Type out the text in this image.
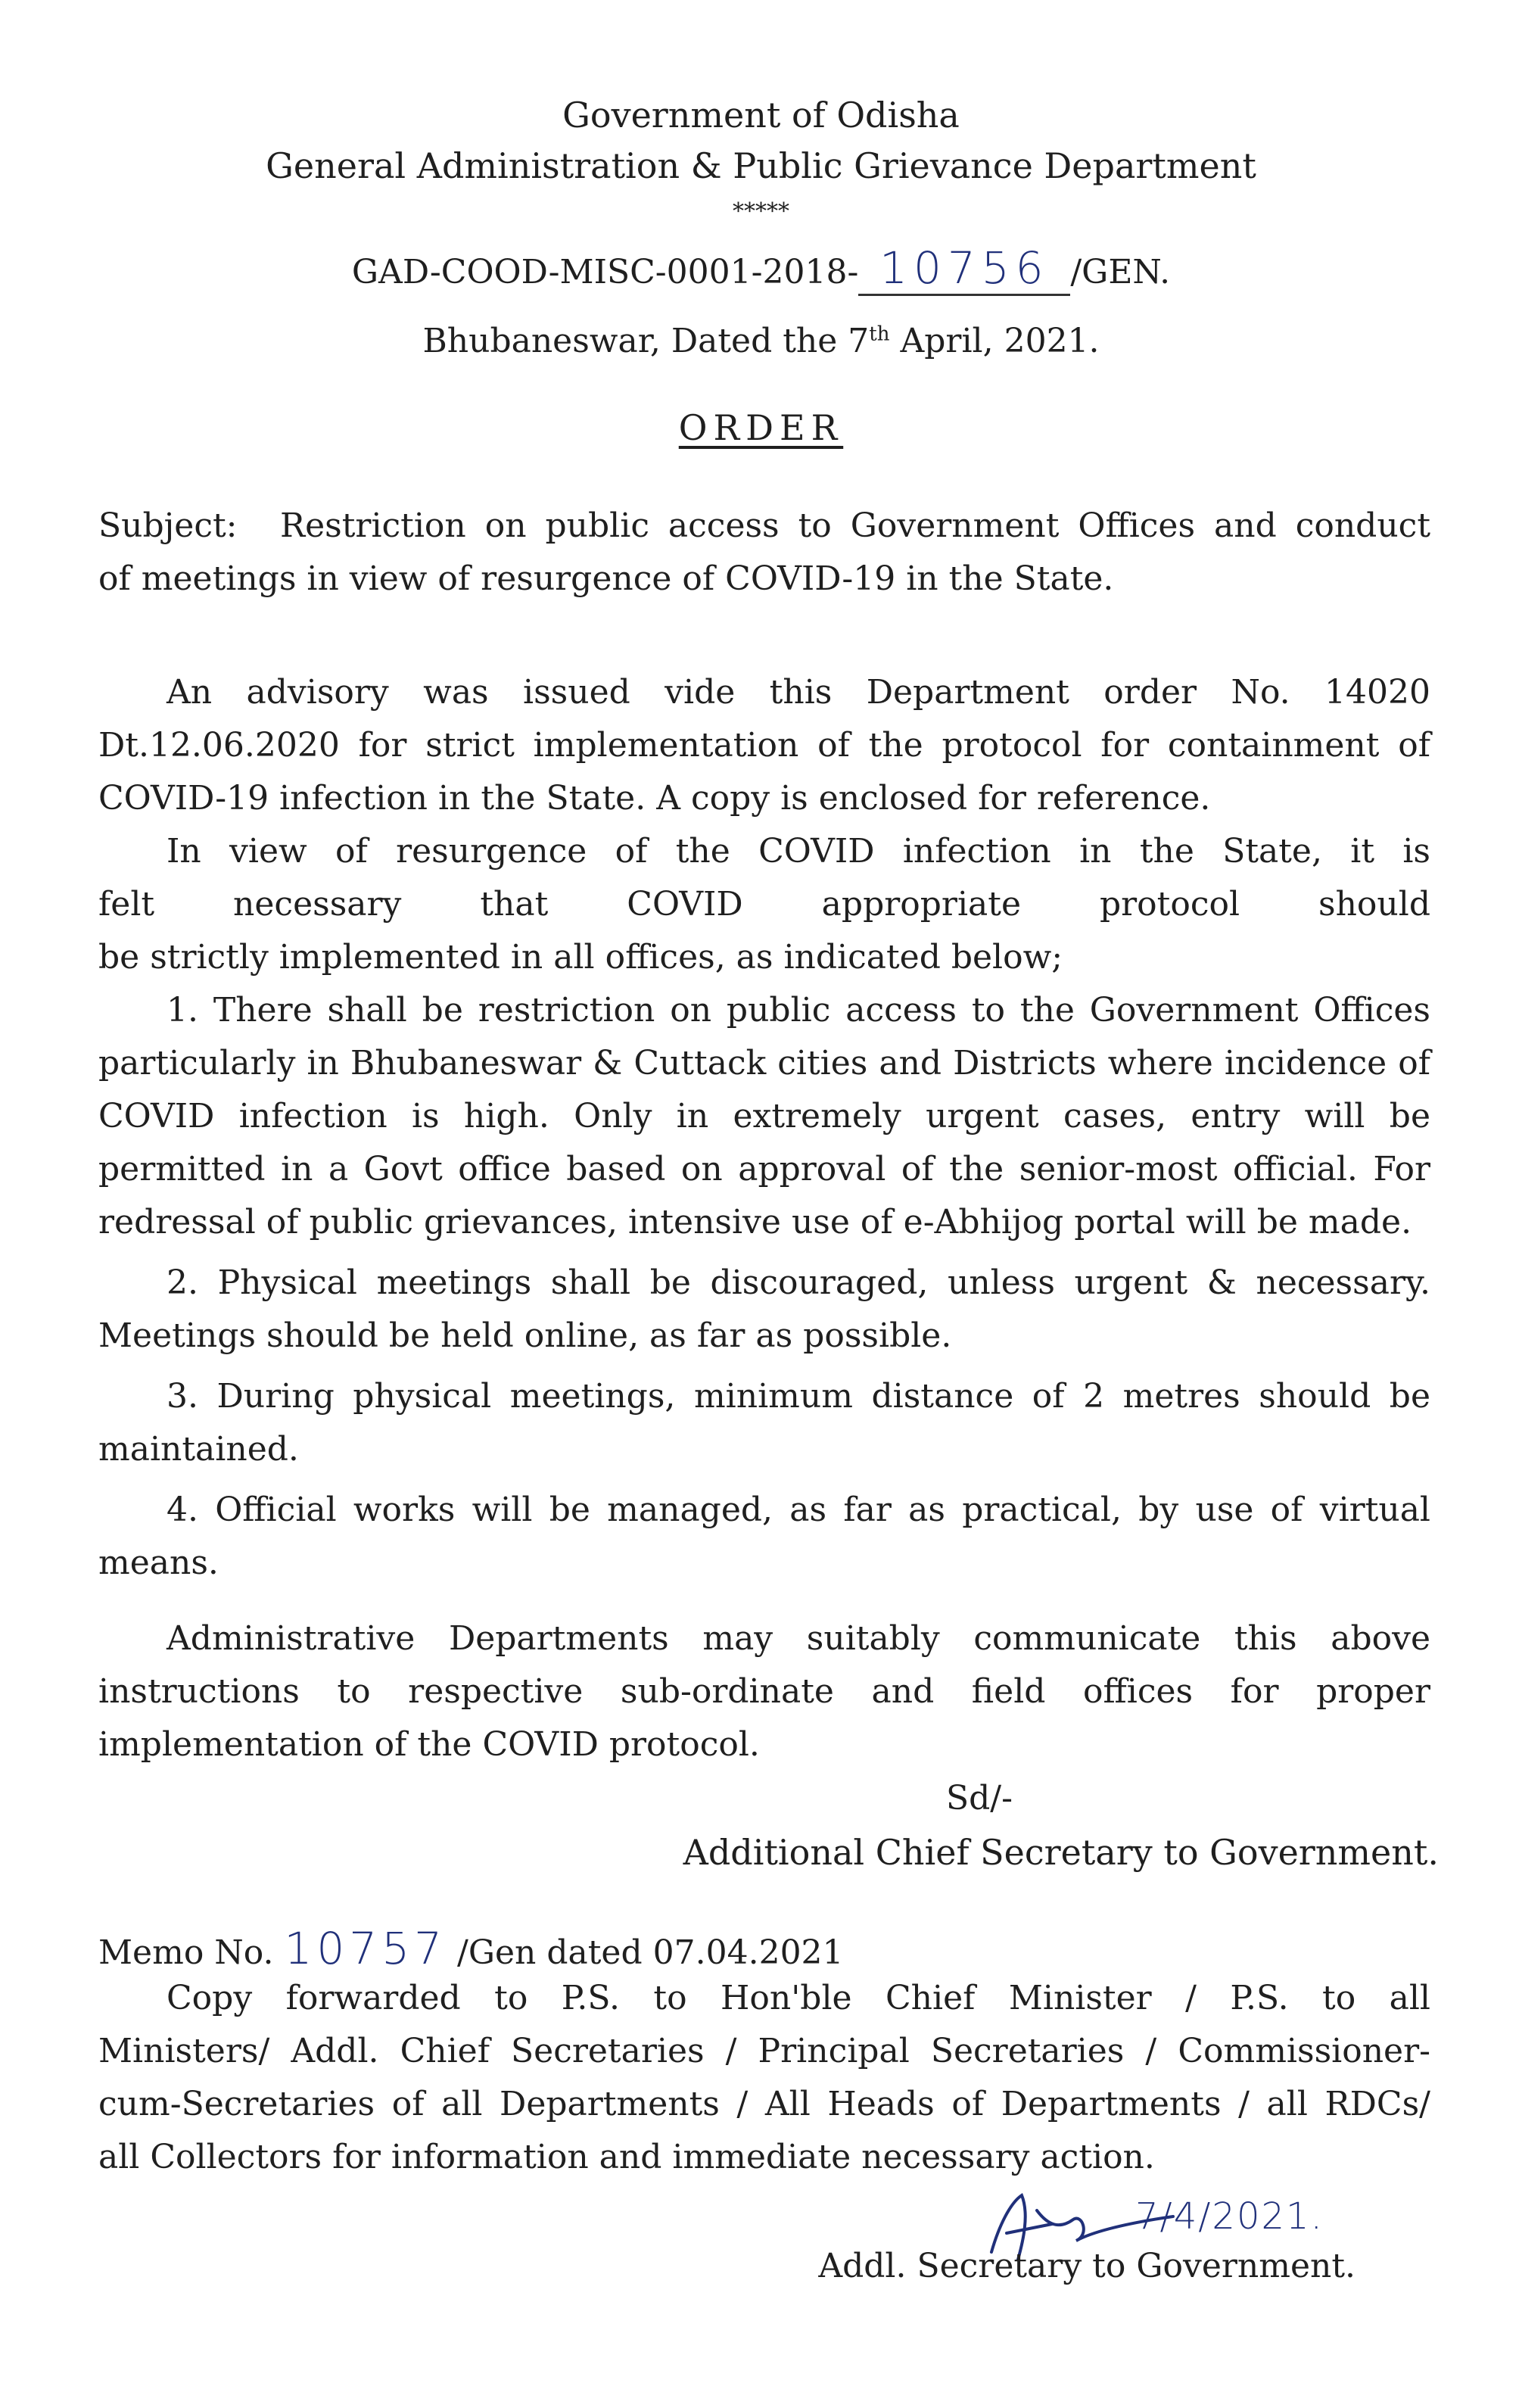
Government of Odisha

General Administration & Public Grievance Department

*****

GAD-COOD-MISC-0001-2018- 10756 /GEN.

Bhubaneswar, Dated the 7th April, 2021.

ORDER

Subject:	Restriction on public access to Government Offices and conduct
of meetings in view of resurgence of COVID-19 in the State.
An advisory was issued vide this Department order No. 14020
Dt.12.06.2020 for strict implementation of the protocol for containment of
COVID-19 infection in the State. A copy is enclosed for reference.
In view of resurgence of the COVID infection in the State, it is
felt necessary that COVID appropriate protocol should
be strictly implemented in all offices, as indicated below;
1. There shall be restriction on public access to the Government Offices
particularly in Bhubaneswar & Cuttack cities and Districts where incidence of
COVID infection is high. Only in extremely urgent cases, entry will be
permitted in a Govt office based on approval of the senior-most official. For
redressal of public grievances, intensive use of e-Abhijog portal will be made.
2. Physical meetings shall be discouraged, unless urgent & necessary.
Meetings should be held online, as far as possible.
3. During physical meetings, minimum distance of 2 metres should be
maintained.
4. Official works will be managed, as far as practical, by use of virtual
means.
Administrative Departments may suitably communicate this above
instructions to respective sub-ordinate and field offices for proper
implementation of the COVID protocol.

Sd/-

Additional Chief Secretary to Government.

Memo No. 10757 /Gen dated 07.04.2021

Copy forwarded to P.S. to Hon'ble Chief Minister / P.S. to all
Ministers/ Addl. Chief Secretaries / Principal Secretaries / Commissioner-
cum-Secretaries of all Departments / All Heads of Departments / all RDCs/
all Collectors for information and immediate necessary action.

7/4/2021.

Addl. Secretary to Government.
